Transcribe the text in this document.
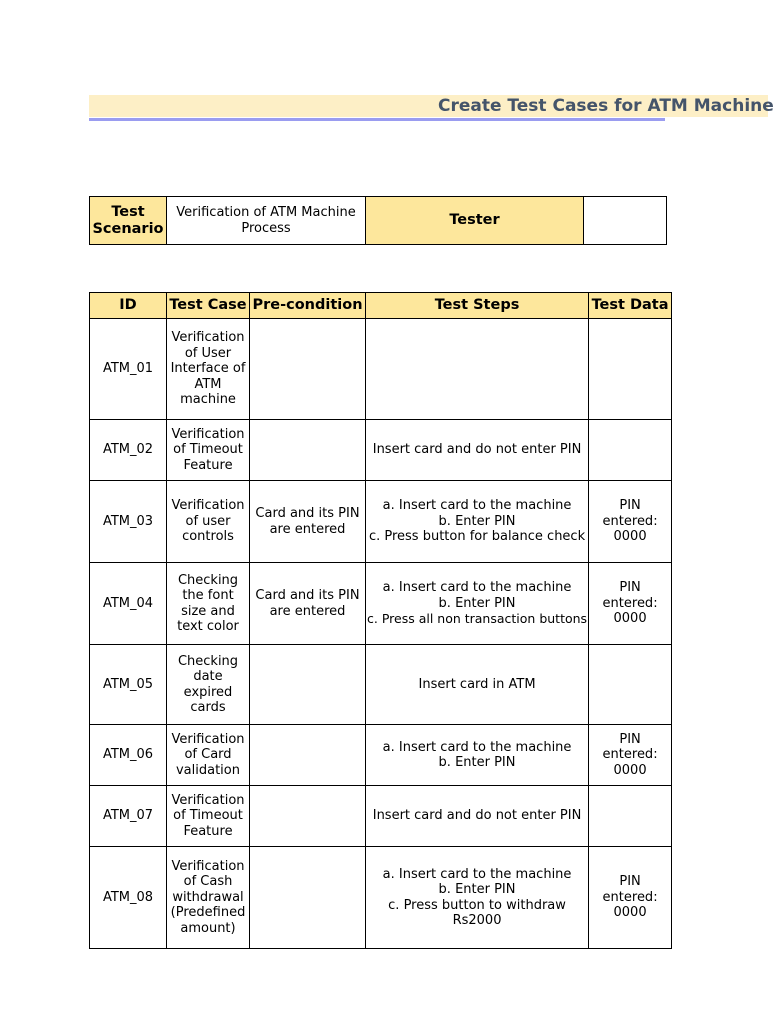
Create Test Cases for ATM Machine
Test Scenario	Verification of ATM Machine Process	Tester	
ID	Test Case	Pre-condition	Test Steps	Test Data
ATM_01	Verification of User Interface of ATM machine			
ATM_02	Verification of Timeout Feature		Insert card and do not enter PIN	

ATM_03	Verification of user controls	Card and its PIN are entered	a. Insert card to the machine
b. Enter PIN
c. Press button for balance check	PIN entered: 0000
ATM_04	Checking the font size and text color	Card and its PIN are entered	a. Insert card to the machine
b. Enter PIN
c. Press all non transaction buttons	PIN entered: 0000
ATM_05	Checking date expired cards		Insert card in ATM	

ATM_06	Verification of Card validation		a. Insert card to the machine
b. Enter PIN	PIN entered: 0000
ATM_07	Verification of Timeout Feature		Insert card and do not enter PIN	

ATM_08	Verification of Cash withdrawal (Predefined amount)		a. Insert card to the machine
b. Enter PIN
c. Press button to withdraw Rs2000	PIN entered: 0000
